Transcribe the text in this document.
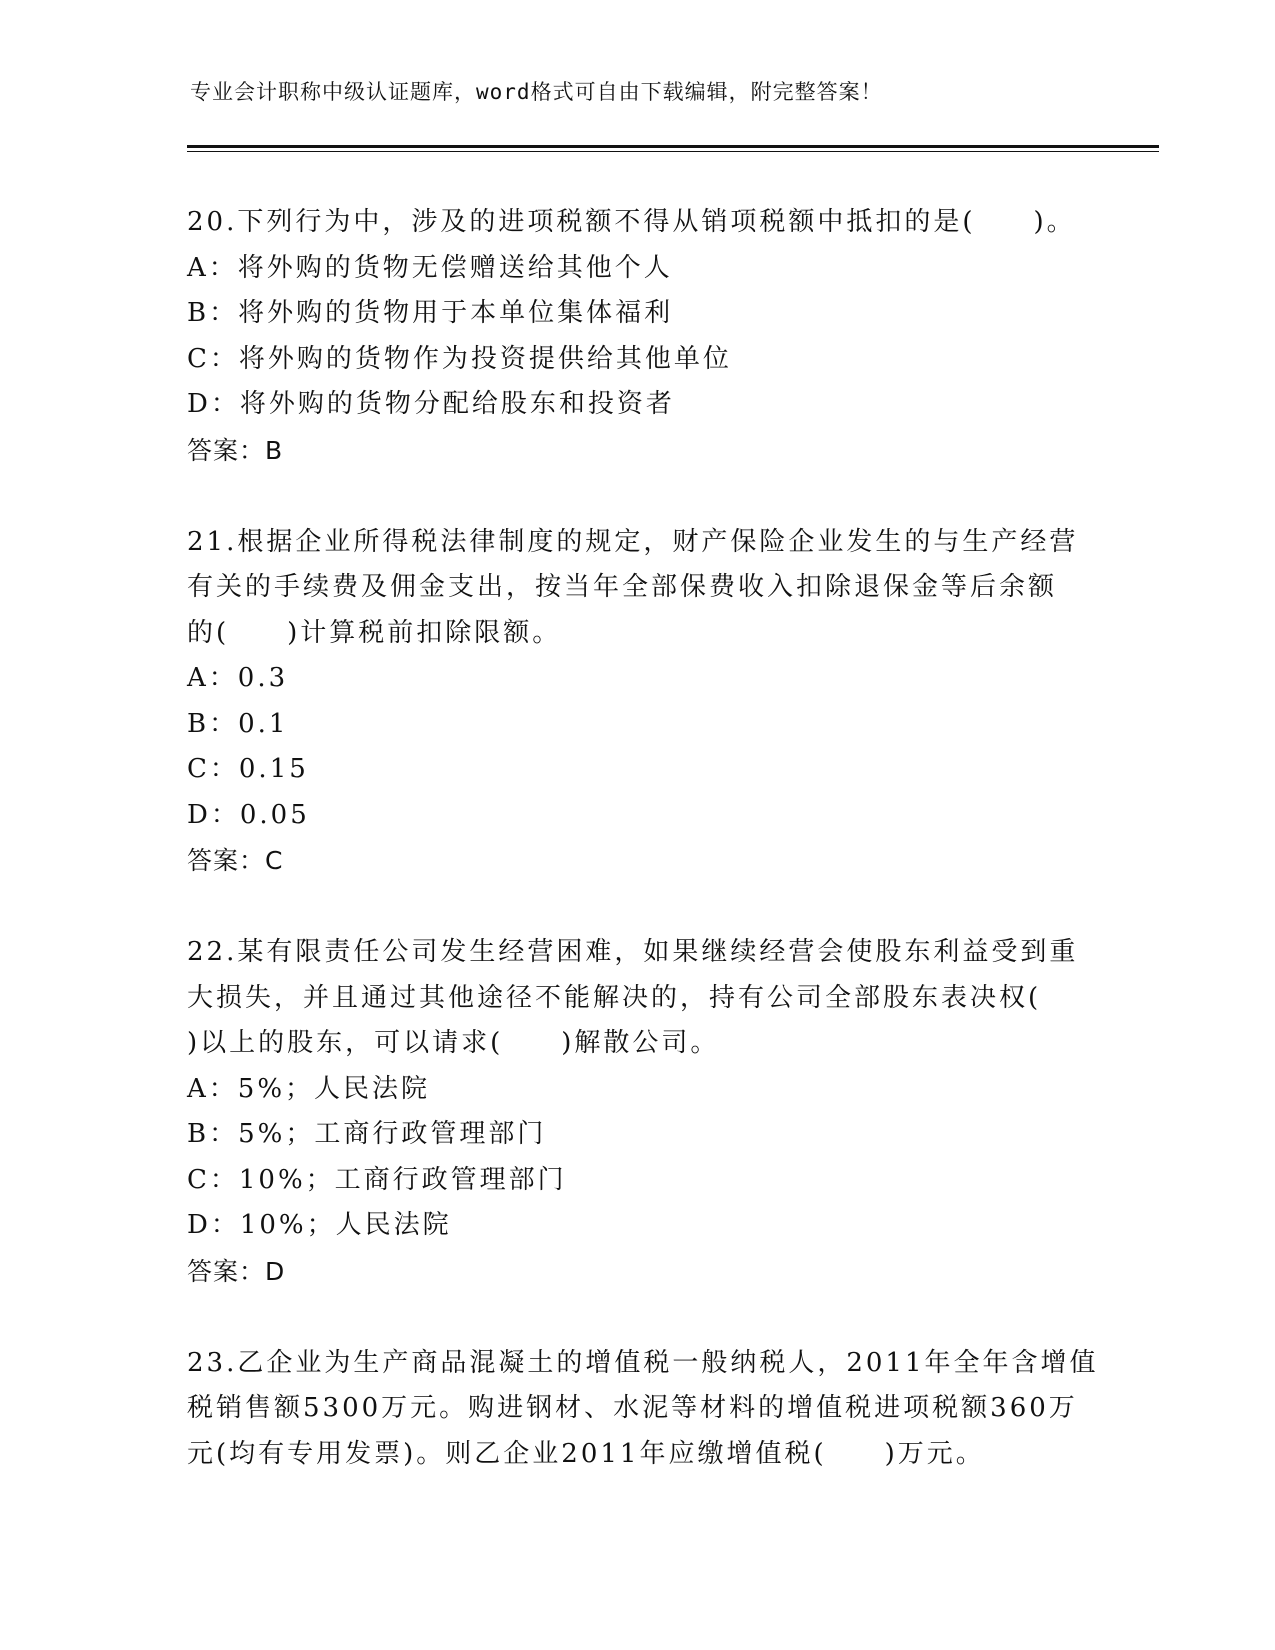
专业会计职称中级认证题库，word格式可自由下载编辑，附完整答案！
20.下列行为中，涉及的进项税额不得从销项税额中抵扣的是(　　)。
A：将外购的货物无偿赠送给其他个人
B：将外购的货物用于本单位集体福利
C：将外购的货物作为投资提供给其他单位
D：将外购的货物分配给股东和投资者
答案：B
21.根据企业所得税法律制度的规定，财产保险企业发生的与生产经营
有关的手续费及佣金支出，按当年全部保费收入扣除退保金等后余额
的(　　)计算税前扣除限额。
A：0.3
B：0.1
C：0.15
D：0.05
答案：C
22.某有限责任公司发生经营困难，如果继续经营会使股东利益受到重
大损失，并且通过其他途径不能解决的，持有公司全部股东表决权(
)以上的股东，可以请求(　　)解散公司。
A：5%；人民法院
B：5%；工商行政管理部门
C：10%；工商行政管理部门
D：10%；人民法院
答案：D
23.乙企业为生产商品混凝土的增值税一般纳税人，2011年全年含增值
税销售额5300万元。购进钢材、水泥等材料的增值税进项税额360万
元(均有专用发票)。则乙企业2011年应缴增值税(　　)万元。
